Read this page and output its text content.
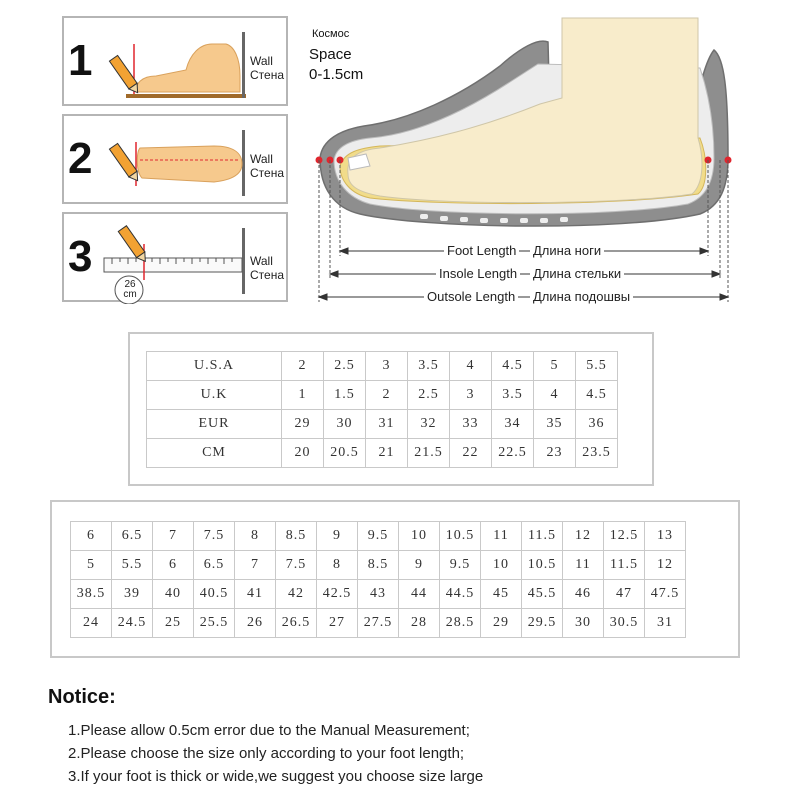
1	Wall
Стена
2	Wall
Стена
3
26
cm
Wall
Стена
Космос
Space
0-1.5cm
Foot Length Длина ноги
Insole Length Длина стельки
Outsole Length Длина подошвы
U.S.A	2	2.5	3	3.5	4	4.5	5	5.5
U.K	1	1.5	2	2.5	3	3.5	4	4.5
EUR	29	30	31	32	33	34	35	36
CM	20	20.5	21	21.5	22	22.5	23	23.5
6	6.5	7	7.5	8	8.5	9	9.5	10	10.5	11	11.5	12	12.5	13
5	5.5	6	6.5	7	7.5	8	8.5	9	9.5	10	10.5	11	11.5	12
38.5	39	40	40.5	41	42	42.5	43	44	44.5	45	45.5	46	47	47.5
24	24.5	25	25.5	26	26.5	27	27.5	28	28.5	29	29.5	30	30.5	31
Notice:
1.Please allow 0.5cm error due to the Manual Measurement;
2.Please choose the size only according to your foot length;
3.If your foot is thick or wide,we suggest you choose size large
